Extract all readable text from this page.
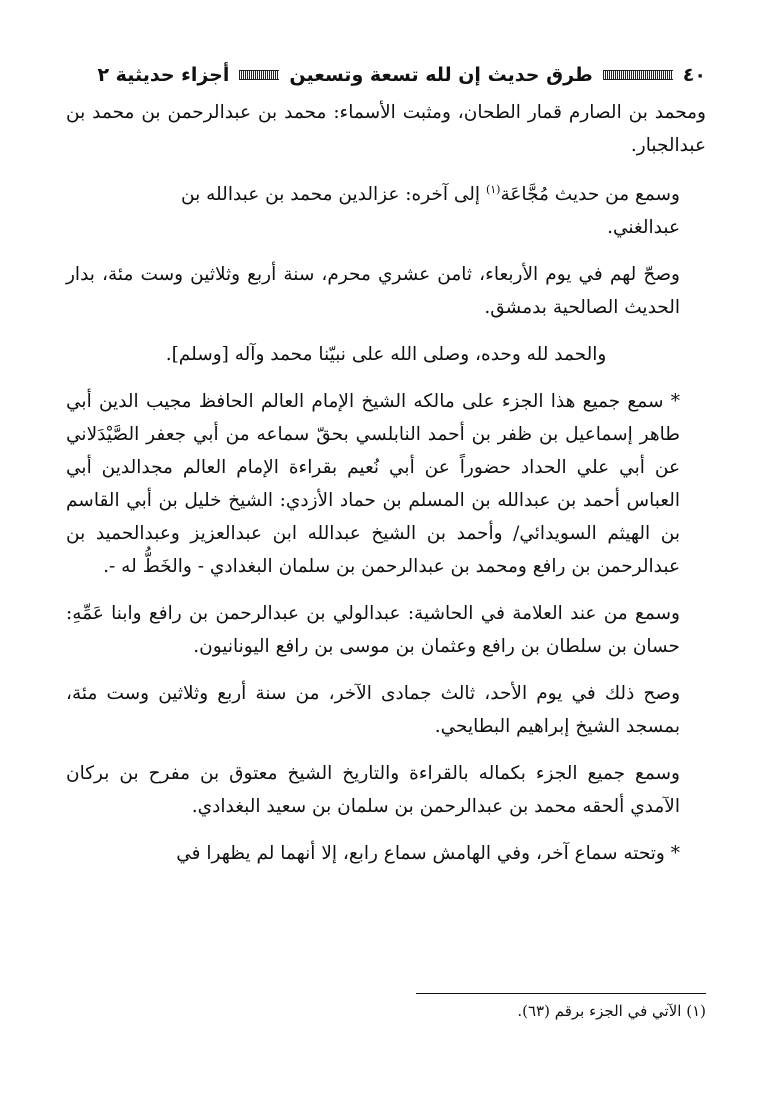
٤٠
طرق حديث إن لله تسعة وتسعين
أجزاء حديثية ٢

ومحمد بن الصارم قمار الطحان، ومثبت الأسماء: محمد بن عبدالرحمن بن محمد بن عبدالجبار.

وسمع من حديث مُجَّاعَة$^{(١)}$ إلى آخره: عزالدين محمد بن عبدالله بن
عبدالغني.

وصحّ لهم في يوم الأربعاء، ثامن عشري محرم، سنة أربع وثلاثين وست مئة، بدار الحديث الصالحية بدمشق.

والحمد لله وحده، وصلى الله على نبيّنا محمد وآله [وسلم].

* سمع جميع هذا الجزء على مالكه الشيخ الإمام العالم الحافظ مجيب الدين أبي طاهر إسماعيل بن ظفر بن أحمد النابلسي بحقّ سماعه من أبي جعفر الصَّيْدَلاني عن أبي علي الحداد حضوراً عن أبي نُعيم بقراءة الإمام العالم مجدالدين أبي العباس أحمد بن عبدالله بن المسلم بن حماد الأزدي: الشيخ خليل بن أبي القاسم بن الهيثم السويدائي/ وأحمد بن الشيخ عبدالله ابن عبدالعزيز وعبدالحميد بن عبدالرحمن بن رافع ومحمد بن عبدالرحمن بن سلمان البغدادي - والخَطُّ له -.

وسمع من عند العلامة في الحاشية: عبدالولي بن عبدالرحمن بن رافع وابنا عَمِّهِ: حسان بن سلطان بن رافع وعثمان بن موسى بن رافع اليونانيون.

وصح ذلك في يوم الأحد، ثالث جمادى الآخر، من سنة أربع وثلاثين وست مئة، بمسجد الشيخ إبراهيم البطايحي.

وسمع جميع الجزء بكماله بالقراءة والتاريخ الشيخ معتوق بن مفرح بن بركان الآمدي ألحقه محمد بن عبدالرحمن بن سلمان بن سعيد البغدادي.

* وتحته سماع آخر، وفي الهامش سماع رابع، إلا أنهما لم يظهرا في

(١) الآتي في الجزء برقم (٦٣).
